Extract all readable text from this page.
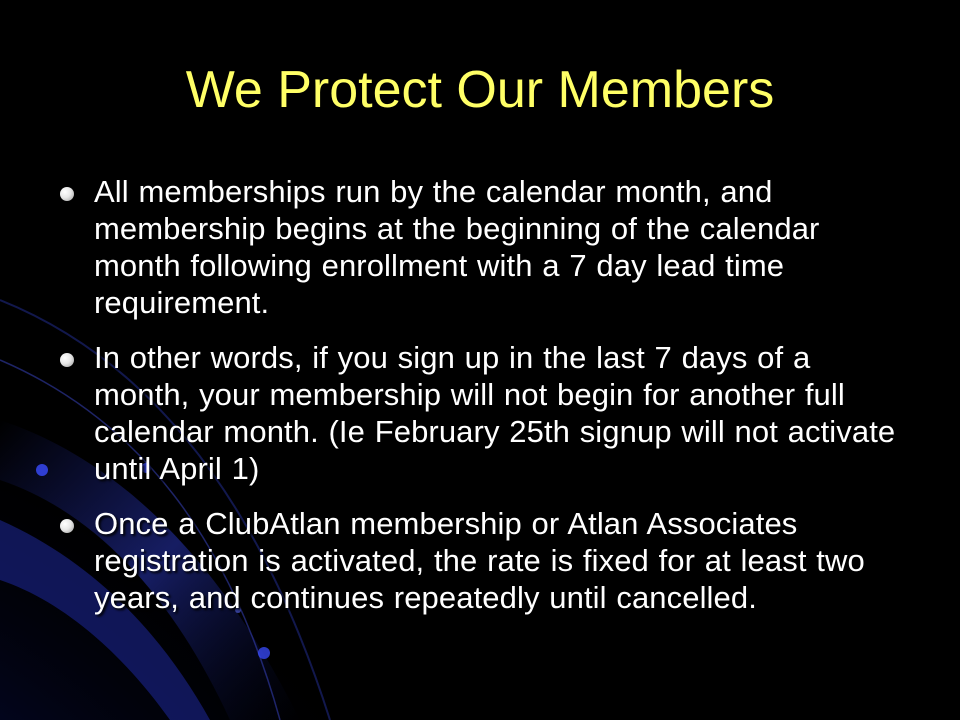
We Protect Our Members
All memberships run by the calendar month, and membership begins at the beginning of the calendar month following enrollment with a 7 day lead time requirement.
In other words, if you sign up in the last 7 days of a month, your membership will not begin for another full calendar month. (Ie February 25th signup will not activate until April 1)
Once a ClubAtlan membership or Atlan Associates registration is activated, the rate is fixed for at least two years, and continues repeatedly until cancelled.
